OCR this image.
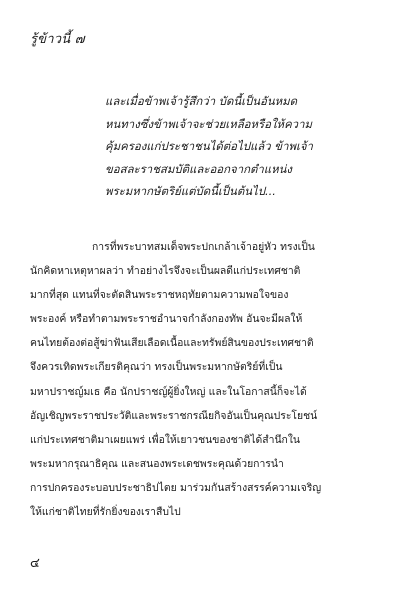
รู้ข้าวนี้ ๗
และเมื่อข้าพเจ้ารู้สึกว่า บัดนี้เป็นอันหมด
หนทางซึ่งข้าพเจ้าจะช่วยเหลือหรือให้ความ
คุ้มครองแก่ประชาชนได้ต่อไปแล้ว ข้าพเจ้า
ขอสละราชสมบัติและออกจากตำแหน่ง
พระมหากษัตริย์แต่บัดนี้เป็นต้นไป...
การที่พระบาทสมเด็จพระปกเกล้าเจ้าอยู่หัว ทรงเป็น
นักคิดหาเหตุหาผลว่า ทำอย่างไรจึงจะเป็นผลดีแก่ประเทศชาติ
มากที่สุด แทนที่จะตัดสินพระราชหฤทัยตามความพอใจของ
พระองค์ หรือทำตามพระราชอำนาจกำลังกองทัพ อันจะมีผลให้
คนไทยต้องต่อสู้ฆ่าฟันเสียเลือดเนื้อและทรัพย์สินของประเทศชาติ
จึงควรเทิดพระเกียรติคุณว่า ทรงเป็นพระมหากษัตริย์ที่เป็น
มหาปราชญ์มเธ คือ นักปราชญ์ผู้ยิ่งใหญ่ และในโอกาสนี้ก็จะได้
อัญเชิญพระราชประวัติและพระราชกรณียกิจอันเป็นคุณประโยชน์
แก่ประเทศชาติมาเผยแพร่ เพื่อให้เยาวชนของชาติได้สำนึกใน
พระมหากรุณาธิคุณ และสนองพระเดชพระคุณด้วยการนำ
การปกครองระบอบประชาธิปไตย มาร่วมกันสร้างสรรค์ความเจริญ
ให้แก่ชาติไทยที่รักยิ่งของเราสืบไป
๔
